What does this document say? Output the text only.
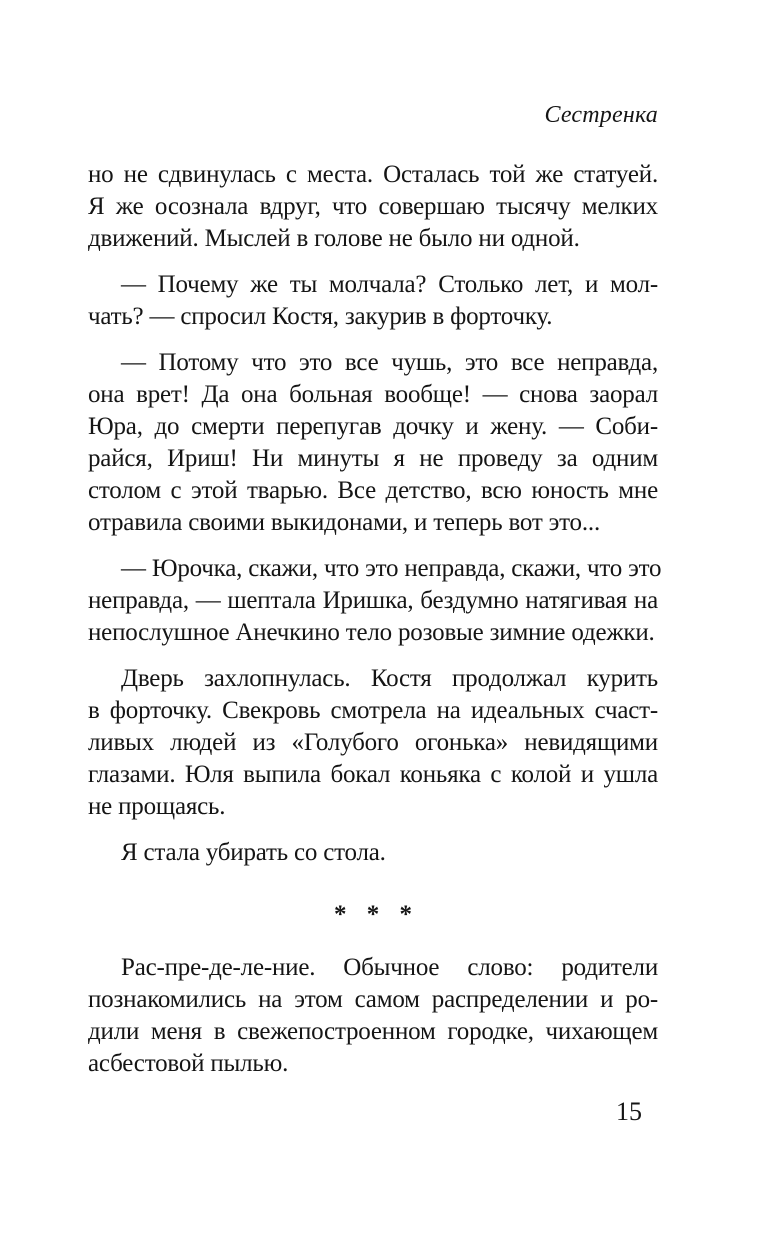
Сестренка
но не сдвинулась с места. Осталась той же статуей.
Я же осознала вдруг, что совершаю тысячу мелких
движений. Мыслей в голове не было ни одной.
— Почему же ты молчала? Столько лет, и мол-
чать? — спросил Костя, закурив в форточку.
— Потому что это все чушь, это все неправда,
она врет! Да она больная вообще! — снова заорал
Юра, до смерти перепугав дочку и жену. — Соби-
райся, Ириш! Ни минуты я не проведу за одним
столом с этой тварью. Все детство, всю юность мне
отравила своими выкидонами, и теперь вот это...
— Юрочка, скажи, что это неправда, скажи, что это
неправда, — шептала Иришка, бездумно натягивая на
непослушное Анечкино тело розовые зимние одежки.
Дверь захлопнулась. Костя продолжал курить
в форточку. Свекровь смотрела на идеальных счаст-
ливых людей из «Голубого огонька» невидящими
глазами. Юля выпила бокал коньяка с колой и ушла
не прощаясь.
Я стала убирать со стола.
* * *
Рас-пре-де-ле-ние. Обычное слово: родители
познакомились на этом самом распределении и ро-
дили меня в свежепостроенном городке, чихающем
асбестовой пылью.
15
